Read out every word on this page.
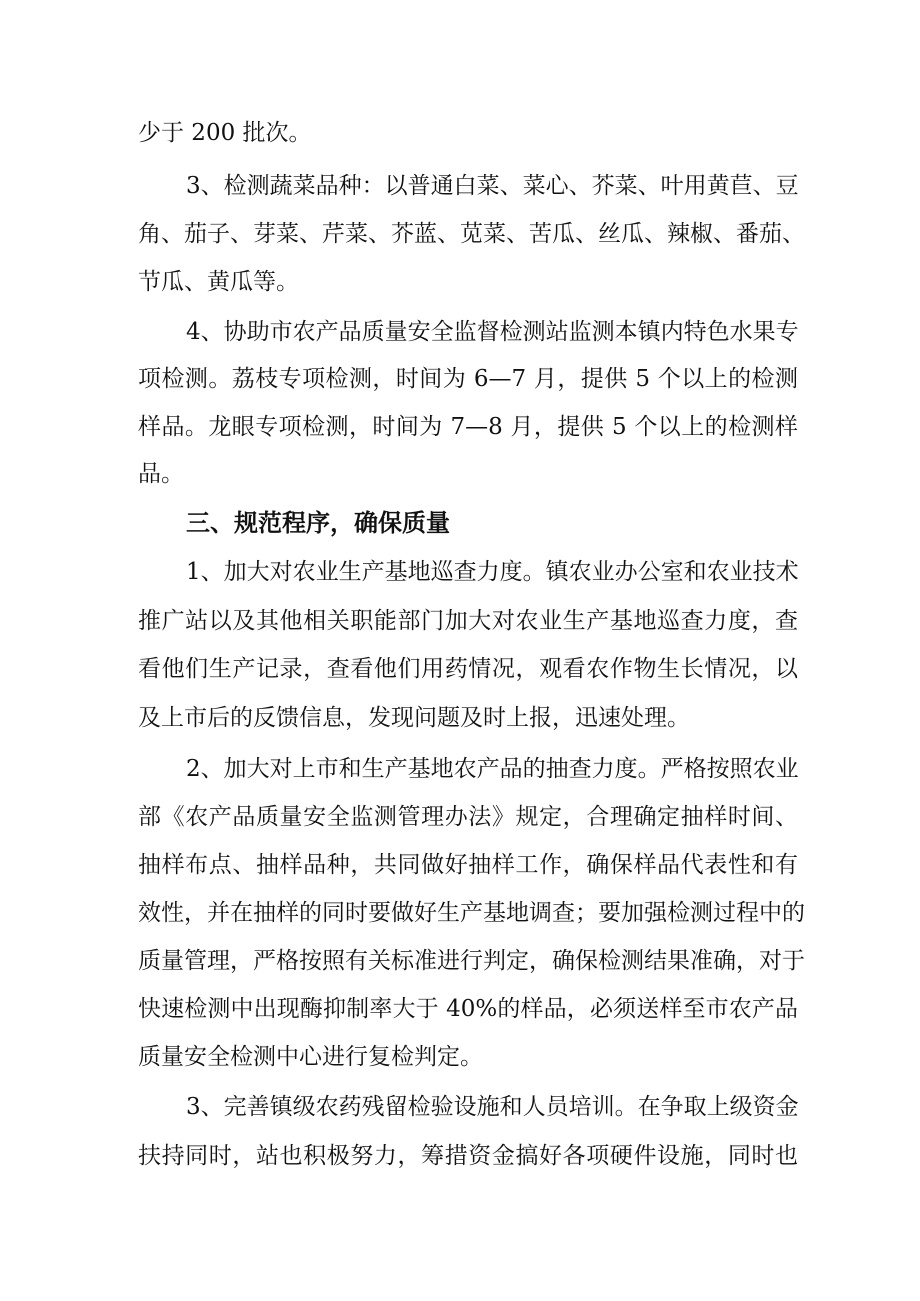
少于 200 批次。
3、检测蔬菜品种：以普通白菜、菜心、芥菜、叶用黄苣、豆
角、茄子、芽菜、芹菜、芥蓝、苋菜、苦瓜、丝瓜、辣椒、番茄、
节瓜、黄瓜等。
4、协助市农产品质量安全监督检测站监测本镇内特色水果专
项检测。荔枝专项检测，时间为 6—7 月，提供 5 个以上的检测
样品。龙眼专项检测，时间为 7—8 月，提供 5 个以上的检测样
品。
三、规范程序，确保质量
1、加大对农业生产基地巡查力度。镇农业办公室和农业技术
推广站以及其他相关职能部门加大对农业生产基地巡查力度，查
看他们生产记录，查看他们用药情况，观看农作物生长情况，以
及上市后的反馈信息，发现问题及时上报，迅速处理。
2、加大对上市和生产基地农产品的抽查力度。严格按照农业
部《农产品质量安全监测管理办法》规定，合理确定抽样时间、
抽样布点、抽样品种，共同做好抽样工作，确保样品代表性和有
效性，并在抽样的同时要做好生产基地调查；要加强检测过程中的
质量管理，严格按照有关标准进行判定，确保检测结果准确，对于
快速检测中出现酶抑制率大于 40%的样品，必须送样至市农产品
质量安全检测中心进行复检判定。
3、完善镇级农药残留检验设施和人员培训。在争取上级资金
扶持同时，站也积极努力，筹措资金搞好各项硬件设施，同时也
